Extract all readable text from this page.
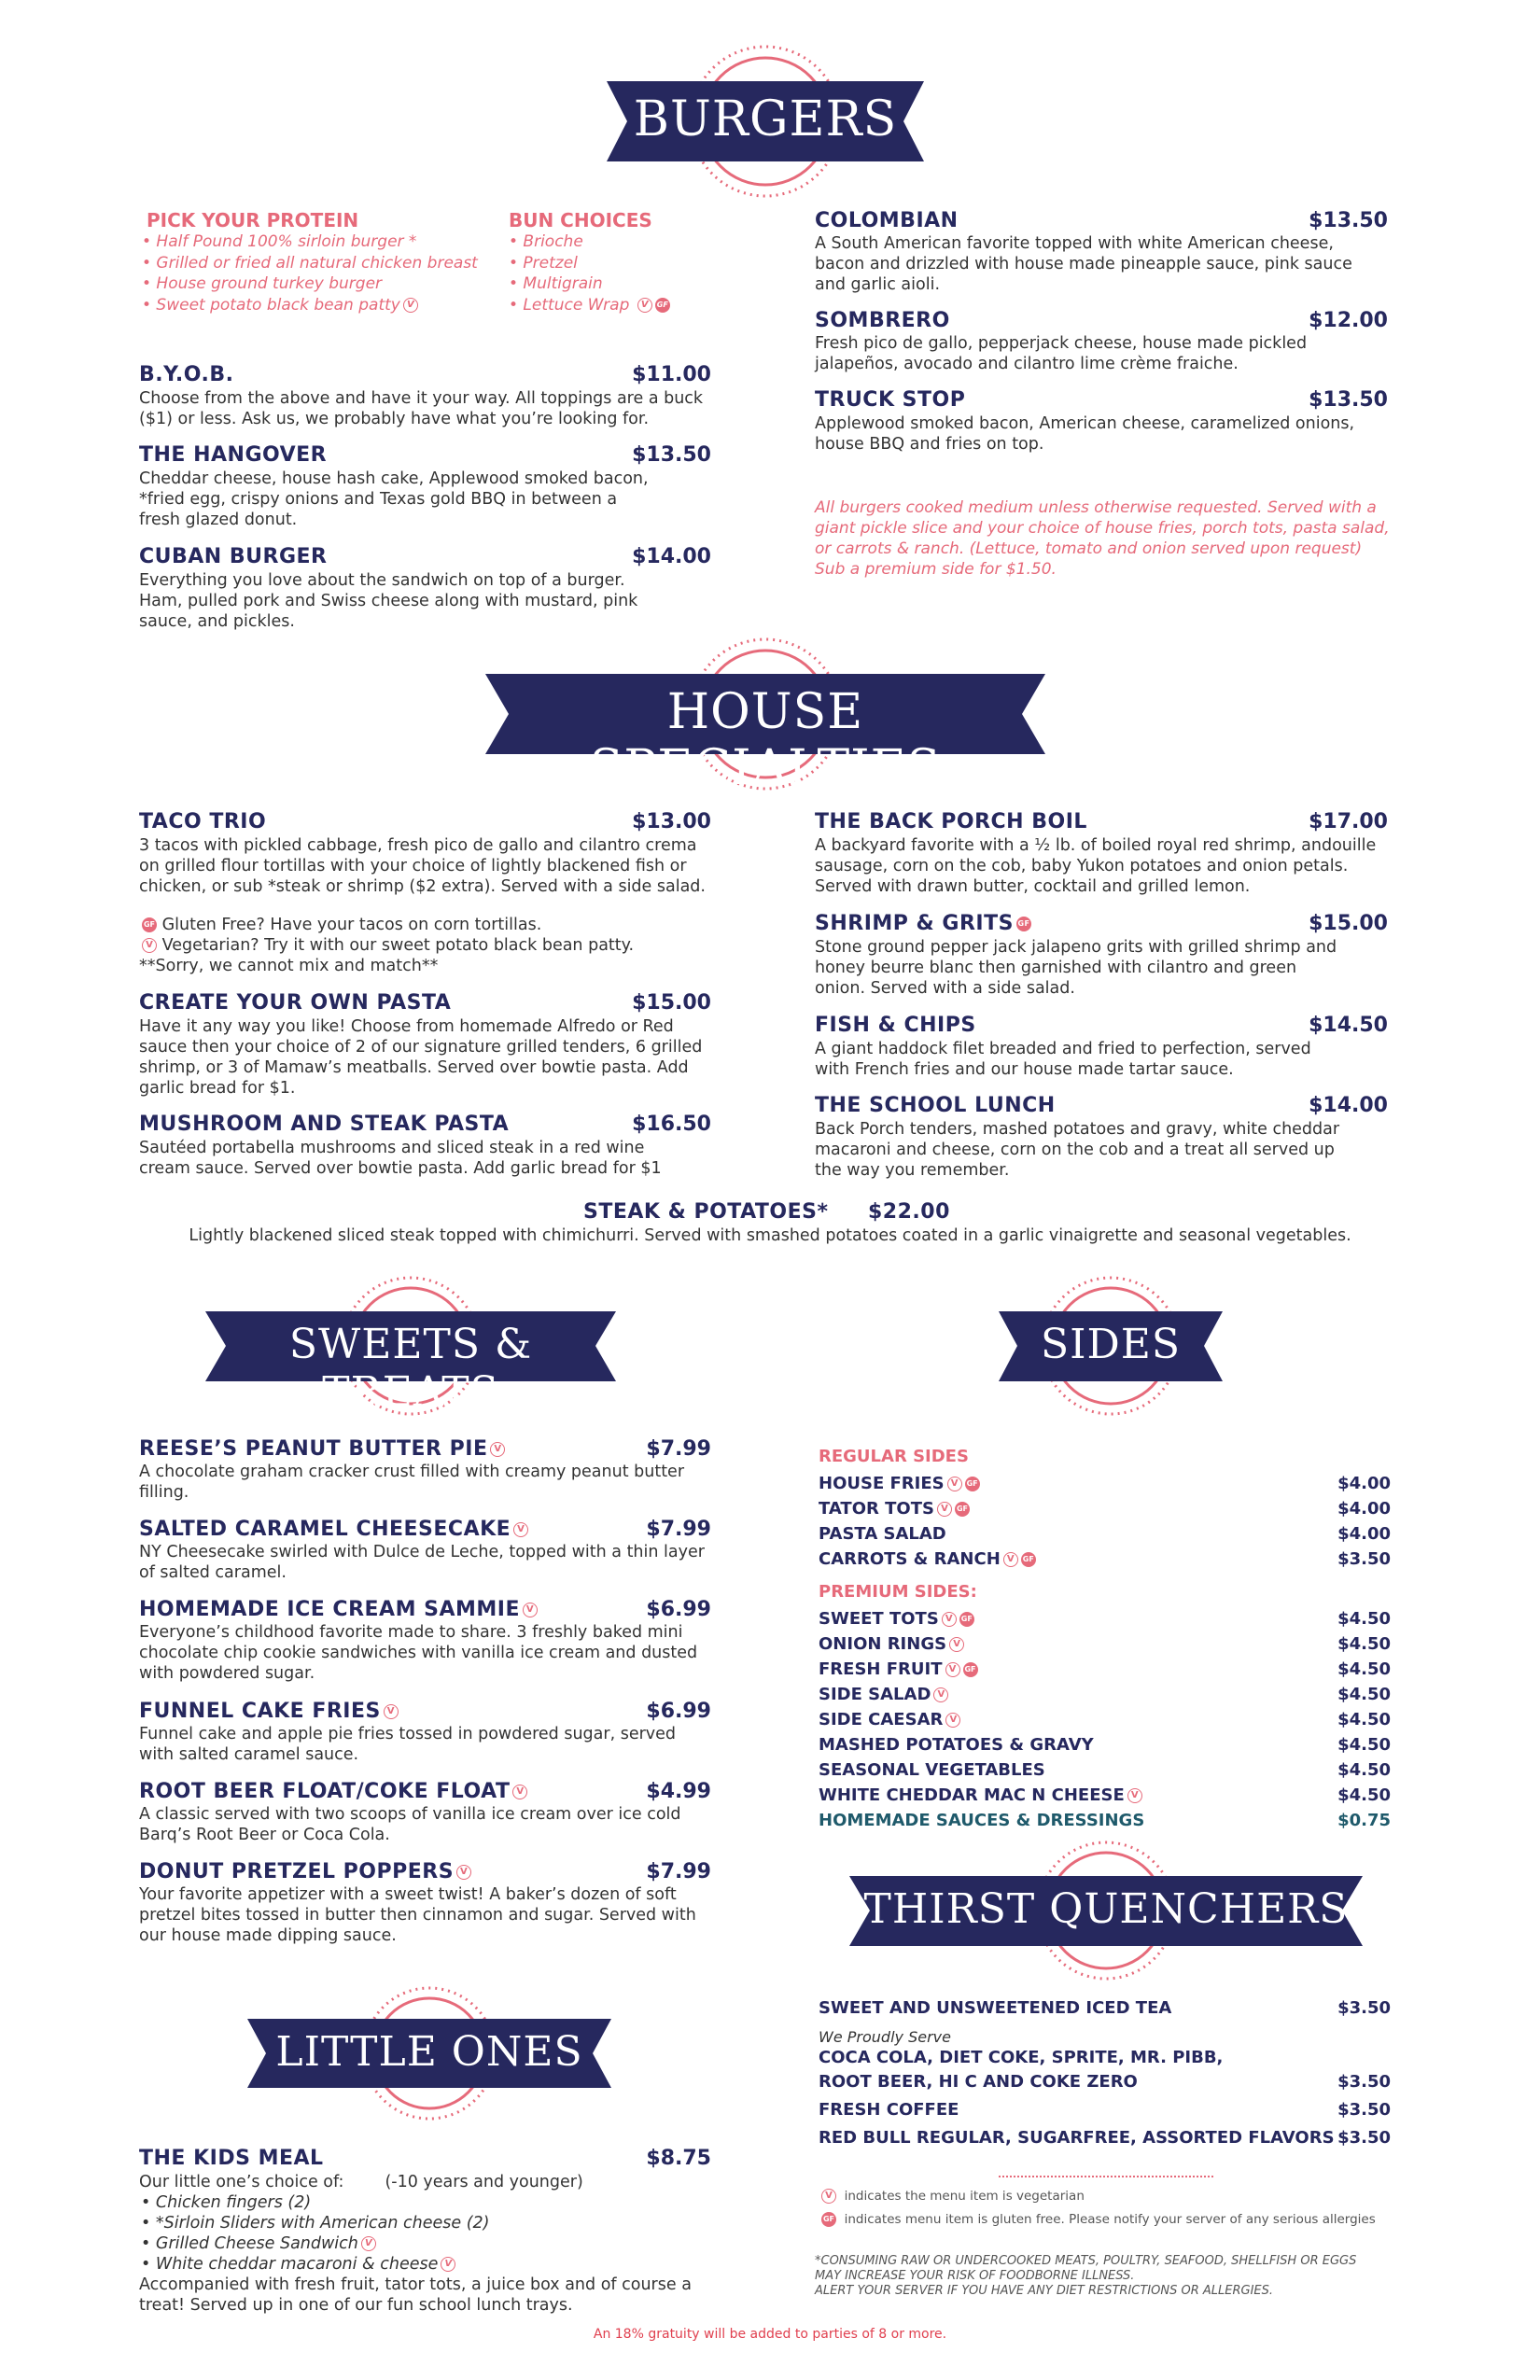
BURGERS
HOUSE SPECIALTIES
SWEETS & TREATS
SIDES
LITTLE ONES
THIRST QUENCHERS
PICK YOUR PROTEIN
• Half Pound 100% sirloin burger *
• Grilled or fried all natural chicken breast
• House ground turkey burger
• Sweet potato black bean patty V
BUN CHOICES
• Brioche
• Pretzel
• Multigrain
• Lettuce Wrap V GF
B.Y.O.B.	$11.00
Choose from the above and have it your way. All toppings are a buck ($1) or less. Ask us, we probably have what you’re looking for.
THE HANGOVER	$13.50
Cheddar cheese, house hash cake, Applewood smoked bacon, *fried egg, crispy onions and Texas gold BBQ in between a fresh glazed donut.
CUBAN BURGER	$14.00
Everything you love about the sandwich on top of a burger. Ham, pulled pork and Swiss cheese along with mustard, pink sauce, and pickles.
COLOMBIAN	$13.50
A South American favorite topped with white American cheese, bacon and drizzled with house made pineapple sauce, pink sauce and garlic aioli.
SOMBRERO	$12.00
Fresh pico de gallo, pepperjack cheese, house made pickled jalapeños, avocado and cilantro lime crème fraiche.
TRUCK STOP	$13.50
Applewood smoked bacon, American cheese, caramelized onions, house BBQ and fries on top.
All burgers cooked medium unless otherwise requested. Served with a giant pickle slice and your choice of house fries, porch tots, pasta salad, or carrots & ranch. (Lettuce, tomato and onion served upon request) Sub a premium side for $1.50.
TACO TRIO	$13.00
3 tacos with pickled cabbage, fresh pico de gallo and cilantro crema on grilled flour tortillas with your choice of lightly blackened fish or chicken, or sub *steak or shrimp ($2 extra). Served with a side salad.
GF Gluten Free? Have your tacos on corn tortillas.
V Vegetarian? Try it with our sweet potato black bean patty.
**Sorry, we cannot mix and match**
CREATE YOUR OWN PASTA	$15.00
Have it any way you like! Choose from homemade Alfredo or Red sauce then your choice of 2 of our signature grilled tenders, 6 grilled shrimp, or 3 of Mamaw’s meatballs. Served over bowtie pasta. Add garlic bread for $1.
MUSHROOM AND STEAK PASTA	$16.50
Sautéed portabella mushrooms and sliced steak in a red wine cream sauce. Served over bowtie pasta. Add garlic bread for $1
THE BACK PORCH BOIL	$17.00
A backyard favorite with a ½ lb. of boiled royal red shrimp, andouille sausage, corn on the cob, baby Yukon potatoes and onion petals. Served with drawn butter, cocktail and grilled lemon.
SHRIMP & GRITS GF	$15.00
Stone ground pepper jack jalapeno grits with grilled shrimp and honey beurre blanc then garnished with cilantro and green onion. Served with a side salad.
FISH & CHIPS	$14.50
A giant haddock filet breaded and fried to perfection, served with French fries and our house made tartar sauce.
THE SCHOOL LUNCH	$14.00
Back Porch tenders, mashed potatoes and gravy, white cheddar macaroni and cheese, corn on the cob and a treat all served up the way you remember.
STEAK & POTATOES* $22.00
Lightly blackened sliced steak topped with chimichurri. Served with smashed potatoes coated in a garlic vinaigrette and seasonal vegetables.
REESE’S PEANUT BUTTER PIE V	$7.99
A chocolate graham cracker crust filled with creamy peanut butter filling.
SALTED CARAMEL CHEESECAKE V	$7.99
NY Cheesecake swirled with Dulce de Leche, topped with a thin layer of salted caramel.
HOMEMADE ICE CREAM SAMMIE V	$6.99
Everyone’s childhood favorite made to share. 3 freshly baked mini chocolate chip cookie sandwiches with vanilla ice cream and dusted with powdered sugar.
FUNNEL CAKE FRIES V	$6.99
Funnel cake and apple pie fries tossed in powdered sugar, served with salted caramel sauce.
ROOT BEER FLOAT/COKE FLOAT V	$4.99
A classic served with two scoops of vanilla ice cream over ice cold Barq’s Root Beer or Coca Cola.
DONUT PRETZEL POPPERS V	$7.99
Your favorite appetizer with a sweet twist! A baker’s dozen of soft pretzel bites tossed in butter then cinnamon and sugar. Served with our house made dipping sauce.
THE KIDS MEAL	$8.75
Our little one’s choice of:	(-10 years and younger)
• Chicken fingers (2)
• *Sirloin Sliders with American cheese (2)
• Grilled Cheese Sandwich V
• White cheddar macaroni & cheese V
Accompanied with fresh fruit, tator tots, a juice box and of course a treat! Served up in one of our fun school lunch trays.
REGULAR SIDES
HOUSE FRIES V GF	$4.00
TATOR TOTS V GF	$4.00
PASTA SALAD	$4.00
CARROTS & RANCH V GF	$3.50
PREMIUM SIDES:
SWEET TOTS V GF	$4.50
ONION RINGS V	$4.50
FRESH FRUIT V GF	$4.50
SIDE SALAD V	$4.50
SIDE CAESAR V	$4.50
MASHED POTATOES & GRAVY	$4.50
SEASONAL VEGETABLES	$4.50
WHITE CHEDDAR MAC N CHEESE V	$4.50
HOMEMADE SAUCES & DRESSINGS	$0.75
SWEET AND UNSWEETENED ICED TEA	$3.50
We Proudly Serve
COCA COLA, DIET COKE, SPRITE, MR. PIBB,
ROOT BEER, HI C AND COKE ZERO	$3.50
FRESH COFFEE	$3.50
RED BULL REGULAR, SUGARFREE, ASSORTED FLAVORS $3.50
V indicates the menu item is vegetarian
GF indicates menu item is gluten free. Please notify your server of any serious allergies
*CONSUMING RAW OR UNDERCOOKED MEATS, POULTRY, SEAFOOD, SHELLFISH OR EGGS
MAY INCREASE YOUR RISK OF FOODBORNE ILLNESS.
ALERT YOUR SERVER IF YOU HAVE ANY DIET RESTRICTIONS OR ALLERGIES.
An 18% gratuity will be added to parties of 8 or more.
